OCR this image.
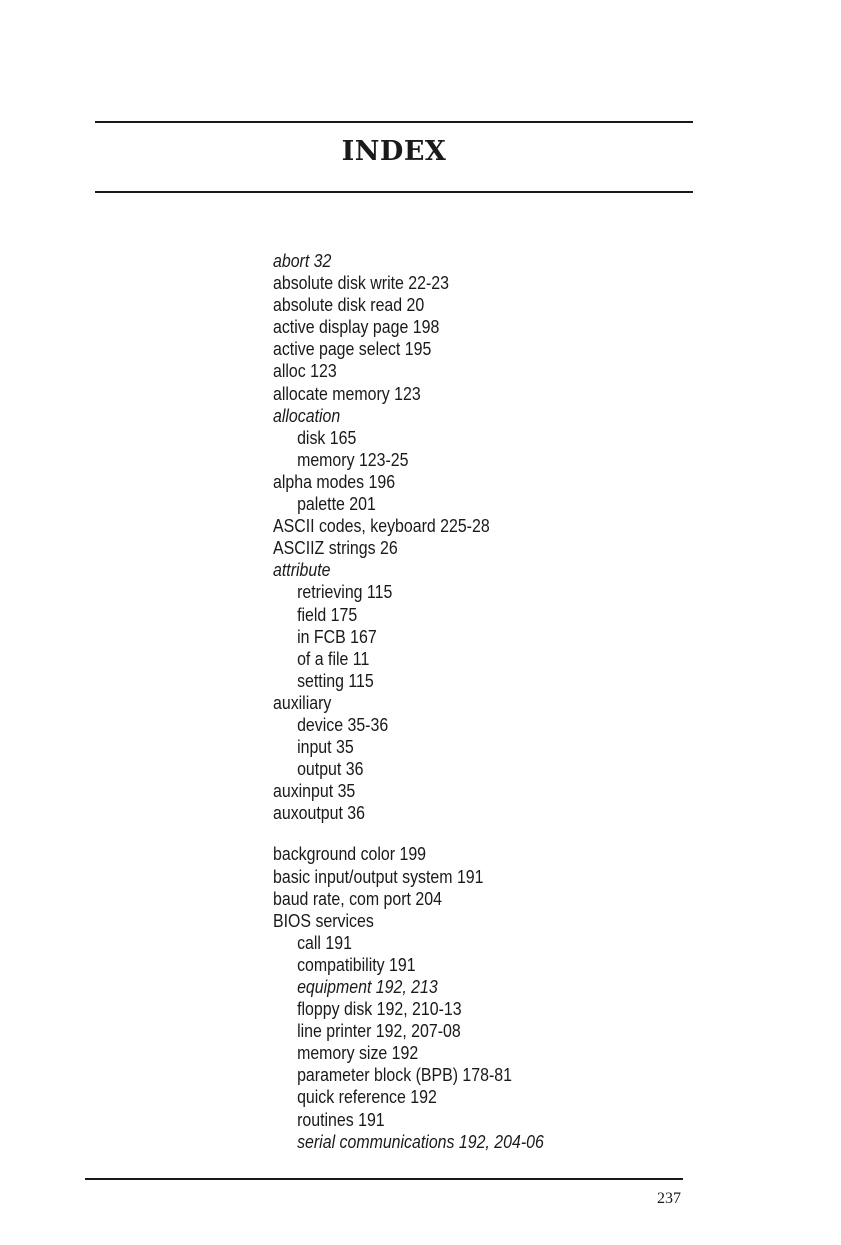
INDEX
abort 32
absolute disk write 22-23
absolute disk read 20
active display page 198
active page select 195
alloc 123
allocate memory 123
allocation
disk 165
memory 123-25
alpha modes 196
palette 201
ASCII codes, keyboard 225-28
ASCIIZ strings 26
attribute
retrieving 115
field 175
in FCB 167
of a file 11
setting 115
auxiliary
device 35-36
input 35
output 36
auxinput 35
auxoutput 36
background color 199
basic input/output system 191
baud rate, com port 204
BIOS services
call 191
compatibility 191
equipment 192, 213
floppy disk 192, 210-13
line printer 192, 207-08
memory size 192
parameter block (BPB) 178-81
quick reference 192
routines 191
serial communications 192, 204-06
237
